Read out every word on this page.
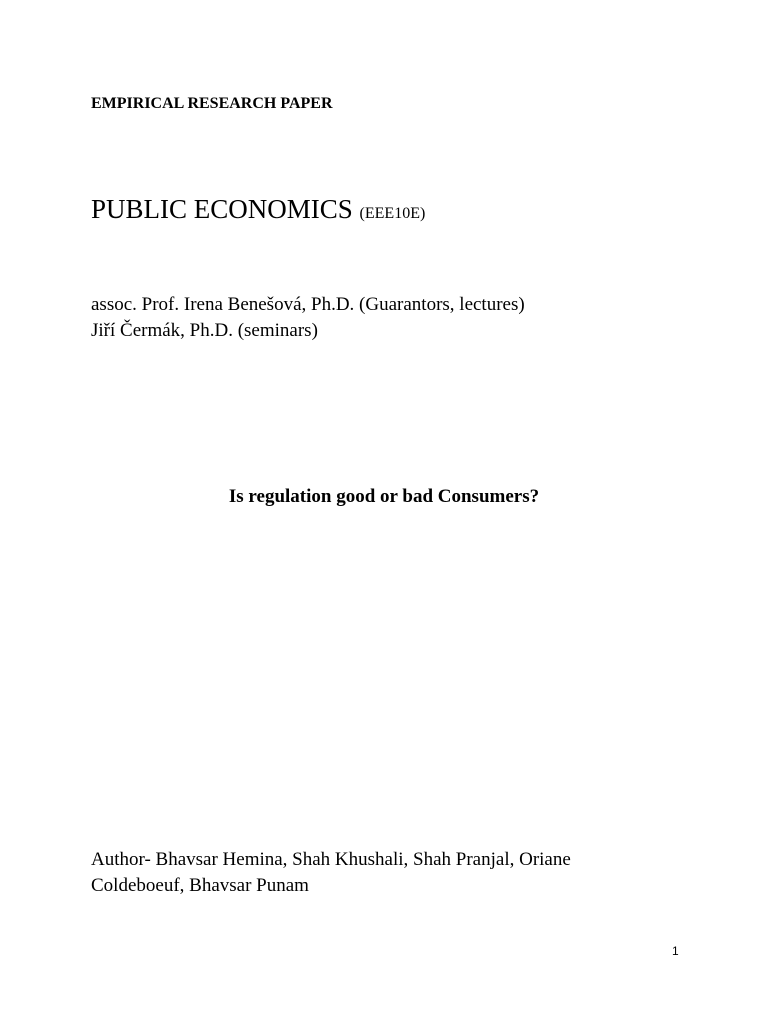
EMPIRICAL RESEARCH PAPER
PUBLIC ECONOMICS (EEE10E)
assoc. Prof. Irena Benešová, Ph.D. (Guarantors, lectures)
Jiří Čermák, Ph.D. (seminars)
Is regulation good or bad Consumers?
Author- Bhavsar Hemina, Shah Khushali, Shah Pranjal, Oriane
Coldeboeuf, Bhavsar Punam
1
